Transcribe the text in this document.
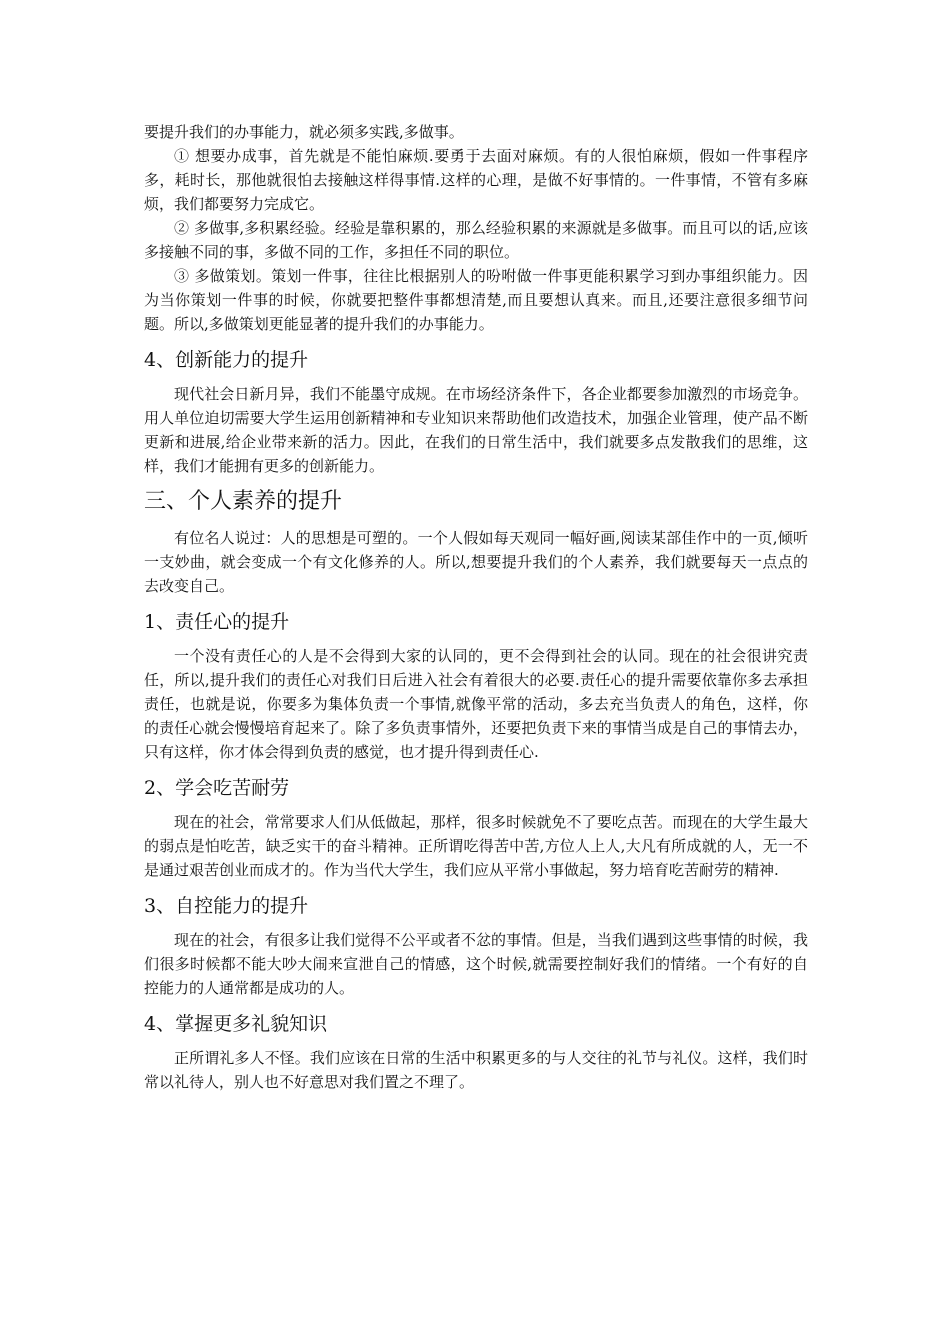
要提升我们的办事能力，就必须多实践,多做事。

① 想要办成事，首先就是不能怕麻烦.要勇于去面对麻烦。有的人很怕麻烦，假如一件事程序多，耗时长，那他就很怕去接触这样得事情.这样的心理，是做不好事情的。一件事情，不管有多麻烦，我们都要努力完成它。

② 多做事,多积累经验。经验是靠积累的，那么经验积累的来源就是多做事。而且可以的话,应该多接触不同的事，多做不同的工作，多担任不同的职位。

③ 多做策划。策划一件事，往往比根据别人的吩咐做一件事更能积累学习到办事组织能力。因为当你策划一件事的时候，你就要把整件事都想清楚,而且要想认真来。而且,还要注意很多细节问题。所以,多做策划更能显著的提升我们的办事能力。

4、创新能力的提升

现代社会日新月异，我们不能墨守成规。在市场经济条件下，各企业都要参加激烈的市场竞争。用人单位迫切需要大学生运用创新精神和专业知识来帮助他们改造技术，加强企业管理，使产品不断更新和进展,给企业带来新的活力。因此，在我们的日常生活中，我们就要多点发散我们的思维，这样，我们才能拥有更多的创新能力。

三、个人素养的提升

有位名人说过：人的思想是可塑的。一个人假如每天观同一幅好画,阅读某部佳作中的一页,倾听一支妙曲，就会变成一个有文化修养的人。所以,想要提升我们的个人素养，我们就要每天一点点的去改变自己。

1、责任心的提升

一个没有责任心的人是不会得到大家的认同的，更不会得到社会的认同。现在的社会很讲究责任，所以,提升我们的责任心对我们日后进入社会有着很大的必要.责任心的提升需要依靠你多去承担责任，也就是说，你要多为集体负责一个事情,就像平常的活动，多去充当负责人的角色，这样，你的责任心就会慢慢培育起来了。除了多负责事情外，还要把负责下来的事情当成是自己的事情去办，只有这样，你才体会得到负责的感觉，也才提升得到责任心.

2、学会吃苦耐劳

现在的社会，常常要求人们从低做起，那样，很多时候就免不了要吃点苦。而现在的大学生最大的弱点是怕吃苦，缺乏实干的奋斗精神。正所谓吃得苦中苦,方位人上人,大凡有所成就的人，无一不是通过艰苦创业而成才的。作为当代大学生，我们应从平常小事做起，努力培育吃苦耐劳的精神.

3、自控能力的提升

现在的社会，有很多让我们觉得不公平或者不忿的事情。但是，当我们遇到这些事情的时候，我们很多时候都不能大吵大闹来宣泄自己的情感，这个时候,就需要控制好我们的情绪。一个有好的自控能力的人通常都是成功的人。

4、掌握更多礼貌知识

正所谓礼多人不怪。我们应该在日常的生活中积累更多的与人交往的礼节与礼仪。这样，我们时常以礼待人，别人也不好意思对我们置之不理了。
